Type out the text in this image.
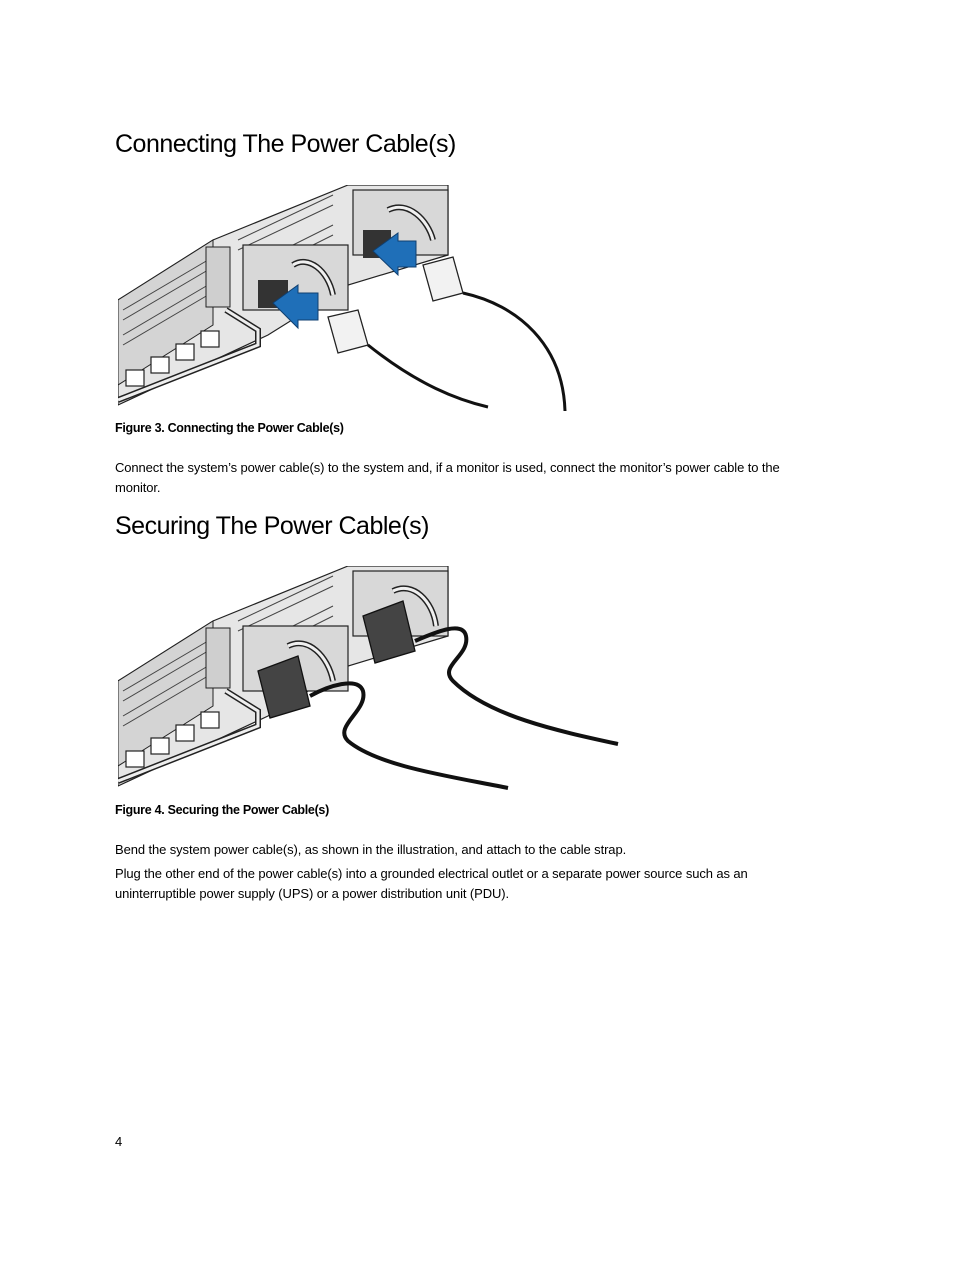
Connecting The Power Cable(s)
Figure 3. Connecting the Power Cable(s)

Connect the system’s power cable(s) to the system and, if a monitor is used, connect the monitor’s power cable to the monitor.

Securing The Power Cable(s)
Figure 4. Securing the Power Cable(s)

Bend the system power cable(s), as shown in the illustration, and attach to the cable strap.

Plug the other end of the power cable(s) into a grounded electrical outlet or a separate power source such as an uninterruptible power supply (UPS) or a power distribution unit (PDU).

4
